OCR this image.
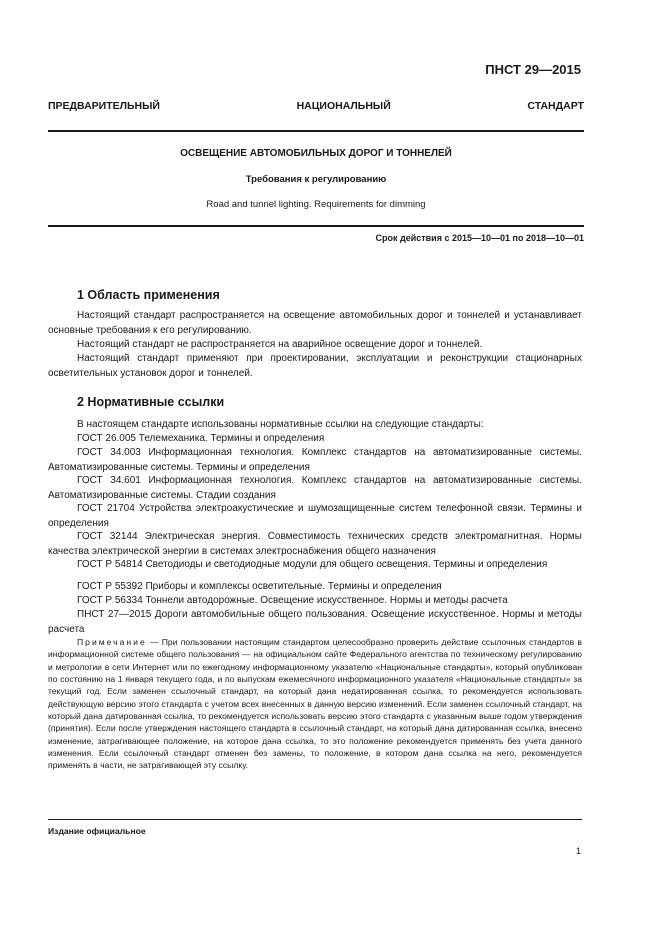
ПНСТ 29—2015
ПРЕДВАРИТЕЛЬНЫЙ	НАЦИОНАЛЬНЫЙ	СТАНДАРТ
ОСВЕЩЕНИЕ АВТОМОБИЛЬНЫХ ДОРОГ И ТОННЕЛЕЙ
Требования к регулированию
Road and tunnel lighting. Requirements for dimming
Срок действия с 2015—10—01 по 2018—10—01
1 Область применения
Настоящий стандарт распространяется на освещение автомобильных дорог и тоннелей и устанавливает основные требования к его регулированию.
Настоящий стандарт не распространяется на аварийное освещение дорог и тоннелей.
Настоящий стандарт применяют при проектировании, эксплуатации и реконструкции стационарных осветительных установок дорог и тоннелей.
2 Нормативные ссылки
В настоящем стандарте использованы нормативные ссылки на следующие стандарты:
ГОСТ 26.005 Телемеханика. Термины и определения
ГОСТ 34.003 Информационная технология. Комплекс стандартов на автоматизированные системы. Автоматизированные системы. Термины и определения
ГОСТ 34.601 Информационная технология. Комплекс стандартов на автоматизированные системы. Автоматизированные системы. Стадии создания
ГОСТ 21704 Устройства электроакустические и шумозащищенные систем телефонной связи. Термины и определения
ГОСТ 32144 Электрическая энергия. Совместимость технических средств электромагнитная. Нормы качества электрической энергии в системах электроснабжения общего назначения
ГОСТ Р 54814 Светодиоды и светодиодные модули для общего освещения. Термины и определения
ГОСТ Р 55392 Приборы и комплексы осветительные. Термины и определения
ГОСТ Р 56334 Тоннели автодорожные. Освещение искусственное. Нормы и методы расчета
ПНСТ 27—2015 Дороги автомобильные общего пользования. Освещение искусственное. Нормы и методы расчета
Примечание — При пользовании настоящим стандартом целесообразно проверить действие ссылочных стандартов в информационной системе общего пользования — на официальном сайте Федерального агентства по техническому регулированию и метрологии в сети Интернет или по ежегодному информационному указателю «Национальные стандарты», который опубликован по состоянию на 1 января текущего года, и по выпускам ежемесячного информационного указателя «Национальные стандарты» за текущий год. Если заменен ссылочный стандарт, на который дана недатированная ссылка, то рекомендуется использовать действующую версию этого стандарта с учетом всех внесенных в данную версию изменений. Если заменен ссылочный стандарт, на который дана датированная ссылка, то рекомендуется использовать версию этого стандарта с указанным выше годом утверждения (принятия). Если после утверждения настоящего стандарта в ссылочный стандарт, на который дана датированная ссылка, внесено изменение, затрагивающее положение, на которое дана ссылка, то это положение рекомендуется применять без учета данного изменения. Если ссылочный стандарт отменен без замены, то положение, в котором дана ссылка на него, рекомендуется применять в части, не затрагивающей эту ссылку.
Издание официальное
1
